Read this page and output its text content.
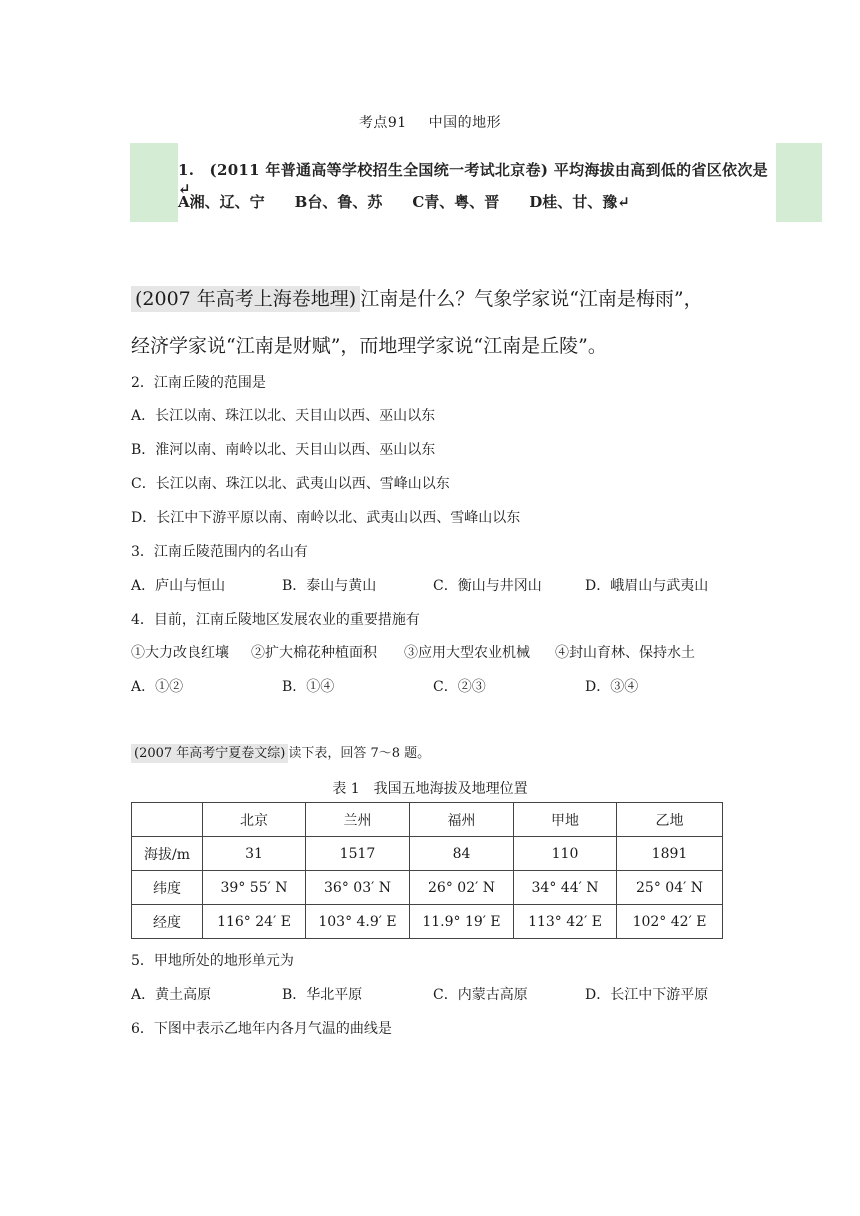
考点91 中国的地形
1.　(2011 年普通高等学校招生全国统一考试北京卷) 平均海拔由高到低的省区依次是↵
A湘、辽、宁 B台、鲁、苏 C青、粤、晋 D桂、甘、豫↵
(2007 年高考上海卷地理) 江南是什么？气象学家说“江南是梅雨”，
经济学家说“江南是财赋”，而地理学家说“江南是丘陵”。
2．江南丘陵的范围是
A．长江以南、珠江以北、天目山以西、巫山以东
B．淮河以南、南岭以北、天目山以西、巫山以东
C．长江以南、珠江以北、武夷山以西、雪峰山以东
D．长江中下游平原以南、南岭以北、武夷山以西、雪峰山以东
3．江南丘陵范围内的名山有
A．庐山与恒山	B．泰山与黄山	C．衡山与井冈山	D．峨眉山与武夷山
4．目前，江南丘陵地区发展农业的重要措施有
①大力改良红壤 ②扩大棉花种植面积 ③应用大型农业机械 ④封山育林、保持水土
A．①②	B．①④	C．②③	D．③④
(2007 年高考宁夏卷文综) 读下表，回答 7～8 题。
表 1　我国五地海拔及地理位置
	北京	兰州	福州	甲地	乙地
海拔/m	31	1517	84	110	1891
纬度	39° 55′ N	36° 03′ N	26° 02′ N	34° 44′ N	25° 04′ N
经度	116° 24′ E	103° 4.9′ E	11.9° 19′ E	113° 42′ E	102° 42′ E
5．甲地所处的地形单元为
A．黄土高原	B．华北平原	C．内蒙古高原	D．长江中下游平原
6．下图中表示乙地年内各月气温的曲线是
